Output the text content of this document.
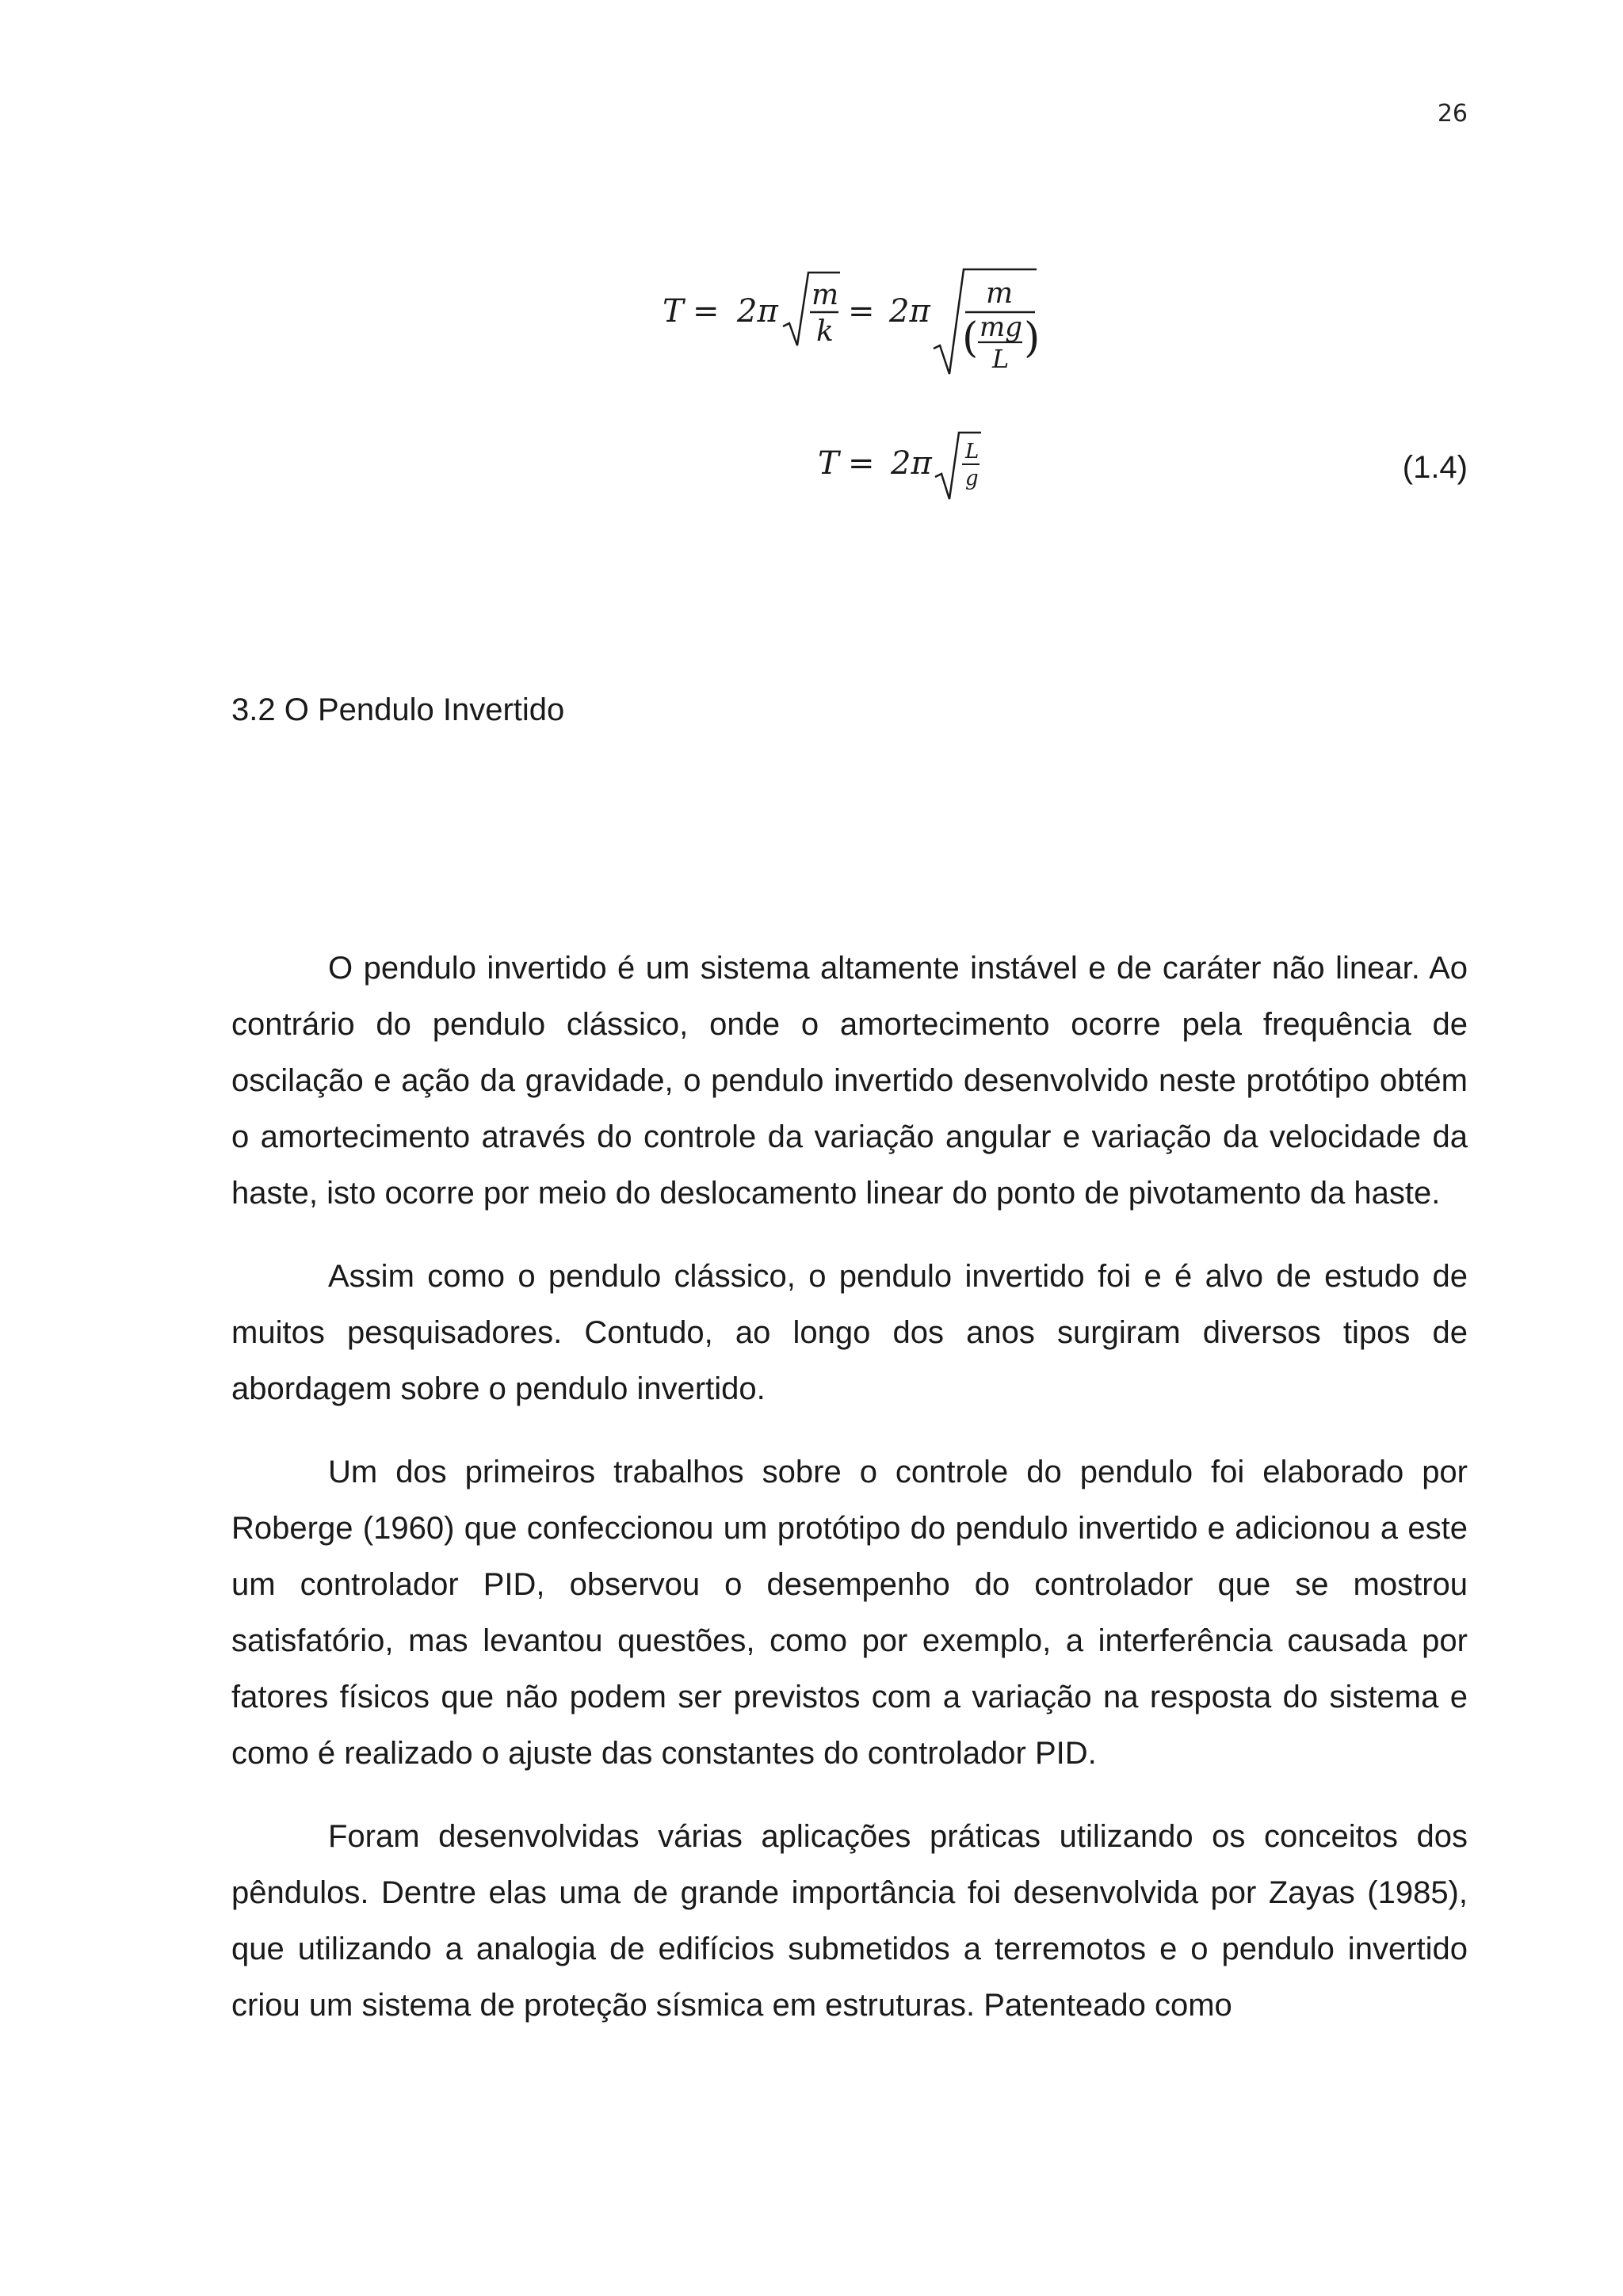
26
T = 2π m
k
= 2π m
( mg
L )
T = 2π L
g	(1.4)
3.2 O Pendulo Invertido

O pendulo invertido é um sistema altamente instável e de caráter não linear. Ao contrário do pendulo clássico, onde o amortecimento ocorre pela frequência de oscilação e ação da gravidade, o pendulo invertido desenvolvido neste protótipo obtém o amortecimento através do controle da variação angular e variação da velocidade da haste, isto ocorre por meio do deslocamento linear do ponto de pivotamento da haste.

Assim como o pendulo clássico, o pendulo invertido foi e é alvo de estudo de muitos pesquisadores. Contudo, ao longo dos anos surgiram diversos tipos de abordagem sobre o pendulo invertido.

Um dos primeiros trabalhos sobre o controle do pendulo foi elaborado por Roberge (1960) que confeccionou um protótipo do pendulo invertido e adicionou a este um controlador PID, observou o desempenho do controlador que se mostrou satisfatório, mas levantou questões, como por exemplo, a interferência causada por fatores físicos que não podem ser previstos com a variação na resposta do sistema e como é realizado o ajuste das constantes do controlador PID.

Foram desenvolvidas várias aplicações práticas utilizando os conceitos dos pêndulos. Dentre elas uma de grande importância foi desenvolvida por Zayas (1985), que utilizando a analogia de edifícios submetidos a terremotos e o pendulo invertido criou um sistema de proteção sísmica em estruturas. Patenteado como
